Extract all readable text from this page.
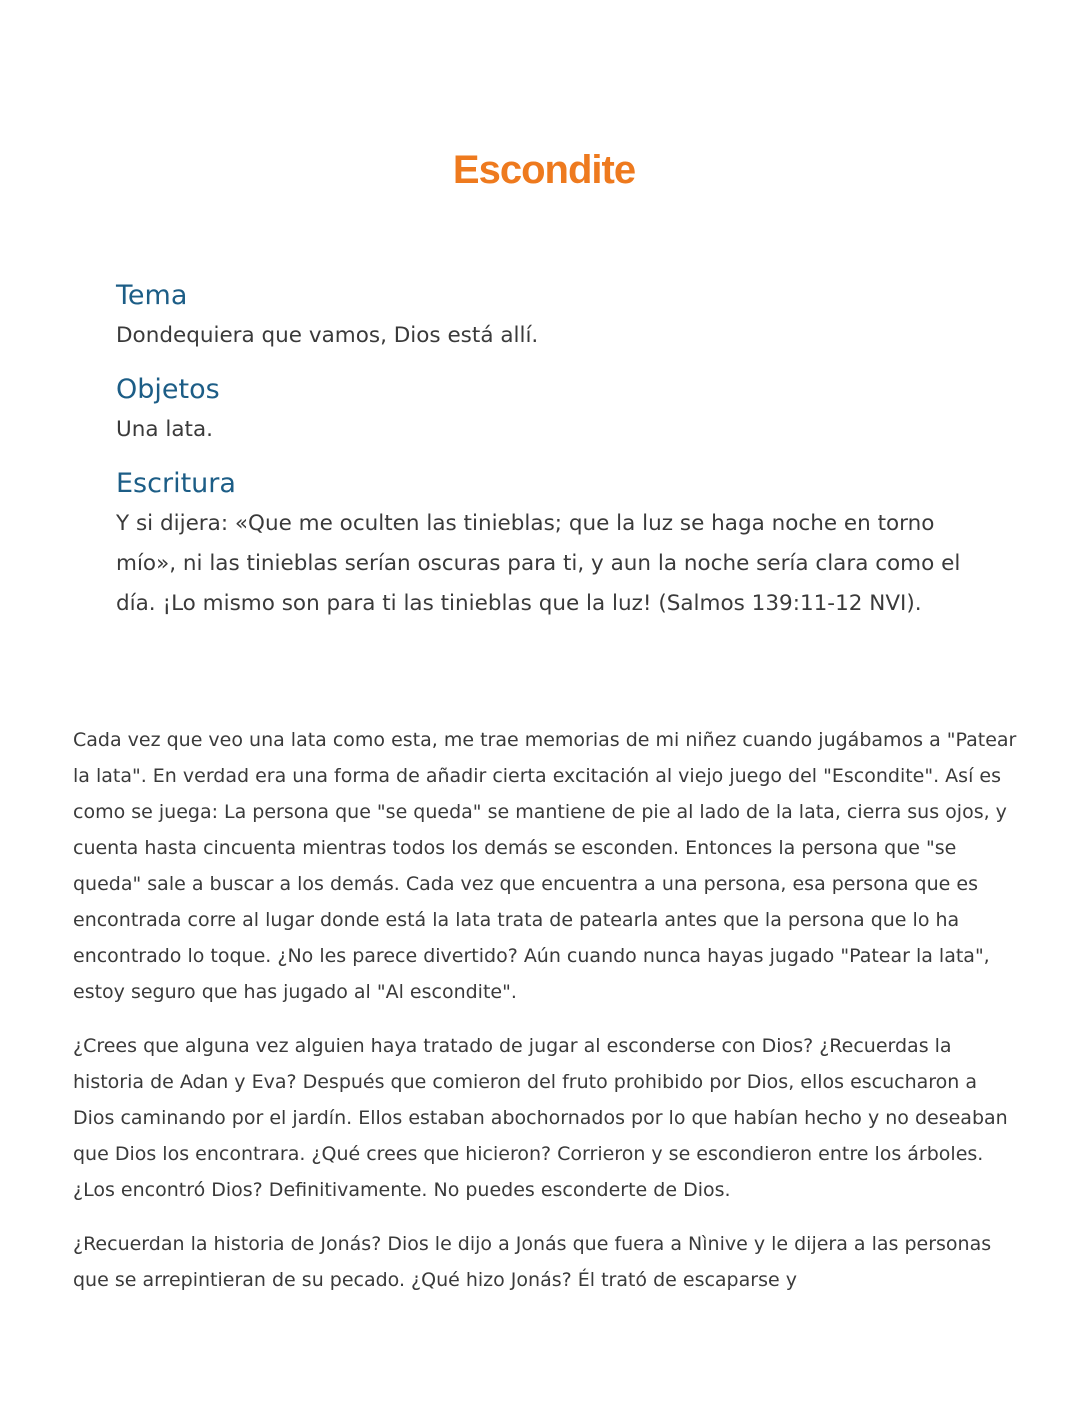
Escondite
Tema

Dondequiera que vamos, Dios está allí.

Objetos

Una lata.

Escritura

Y si dijera: «Que me oculten las tinieblas; que la luz se haga noche en torno mío», ni las tinieblas serían oscuras para ti, y aun la noche sería clara como el día. ¡Lo mismo son para ti las tinieblas que la luz! (Salmos 139:11-12 NVI).

Cada vez que veo una lata como esta, me trae memorias de mi niñez cuando jugábamos a "Patear la lata". En verdad era una forma de añadir cierta excitación al viejo juego del "Escondite". Así es como se juega: La persona que "se queda" se mantiene de pie al lado de la lata, cierra sus ojos, y cuenta hasta cincuenta mientras todos los demás se esconden. Entonces la persona que "se queda" sale a buscar a los demás. Cada vez que encuentra a una persona, esa persona que es encontrada corre al lugar donde está la lata trata de patearla antes que la persona que lo ha encontrado lo toque. ¿No les parece divertido? Aún cuando nunca hayas jugado "Patear la lata", estoy seguro que has jugado al "Al escondite".

¿Crees que alguna vez alguien haya tratado de jugar al esconderse con Dios? ¿Recuerdas la historia de Adan y Eva? Después que comieron del fruto prohibido por Dios, ellos escucharon a Dios caminando por el jardín. Ellos estaban abochornados por lo que habían hecho y no deseaban que Dios los encontrara. ¿Qué crees que hicieron? Corrieron y se escondieron entre los árboles. ¿Los encontró Dios? Definitivamente. No puedes esconderte de Dios.

¿Recuerdan la historia de Jonás? Dios le dijo a Jonás que fuera a Nìnive y le dijera a las personas que se arrepintieran de su pecado. ¿Qué hizo Jonás? Él trató de escaparse y
